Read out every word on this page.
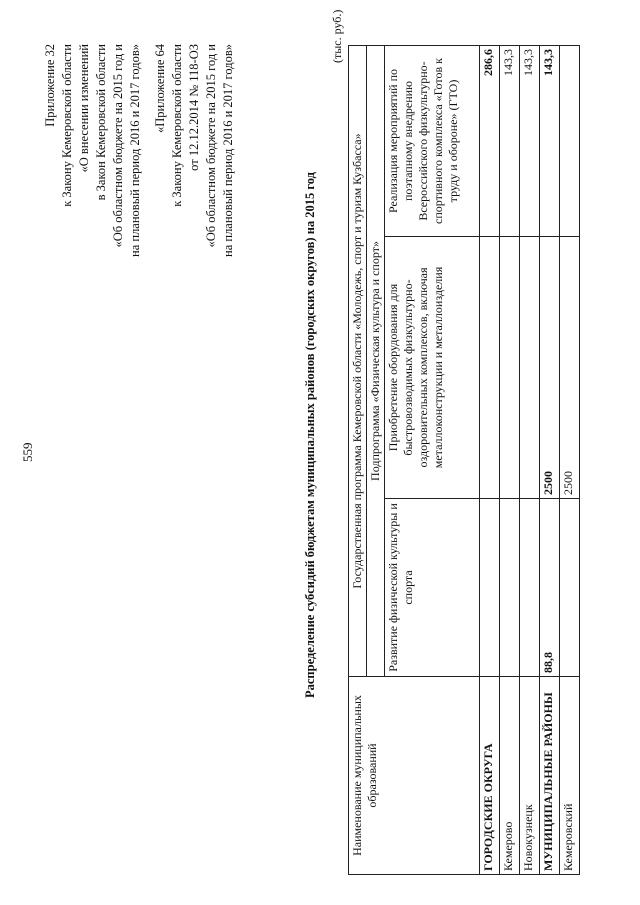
559
Приложение 32 к Закону Кемеровской области «О внесении изменений в Закон Кемеровской области «Об областном бюджете на 2015 год и на плановый период 2016 и 2017 годов» «Приложение 64 к Закону Кемеровской области от 12.12.2014 № 118-ОЗ «Об областном бюджете на 2015 год и на плановый период 2016 и 2017 годов»
Распределение субсидий бюджетам муниципальных районов (городских округов) на 2015 год
(тыс. руб.)
Наименование муниципальных образований	Государственная программа Кемеровской области «Молодежь, спорт и туризм Кузбасса»		
	Подпрограмма «Физическая культура и спорт»		
	Развитие физической культуры и спорта	Приобретение оборудования для быстровозводимых физкультурно-оздоровительных комплексов, включая металлоконструкции и металлоизделия	Реализация мероприятий по поэтапному внедрению Всероссийского физкультурно-спортивного комплекса «Готов к труду и обороне» (ГТО)
ГОРОДСКИЕ ОКРУГА			286,6
Кемерово			143,3
Новокузнецк			143,3
МУНИЦИПАЛЬНЫЕ РАЙОНЫ	88,8	2500	143,3
Кемеровский		2500	
